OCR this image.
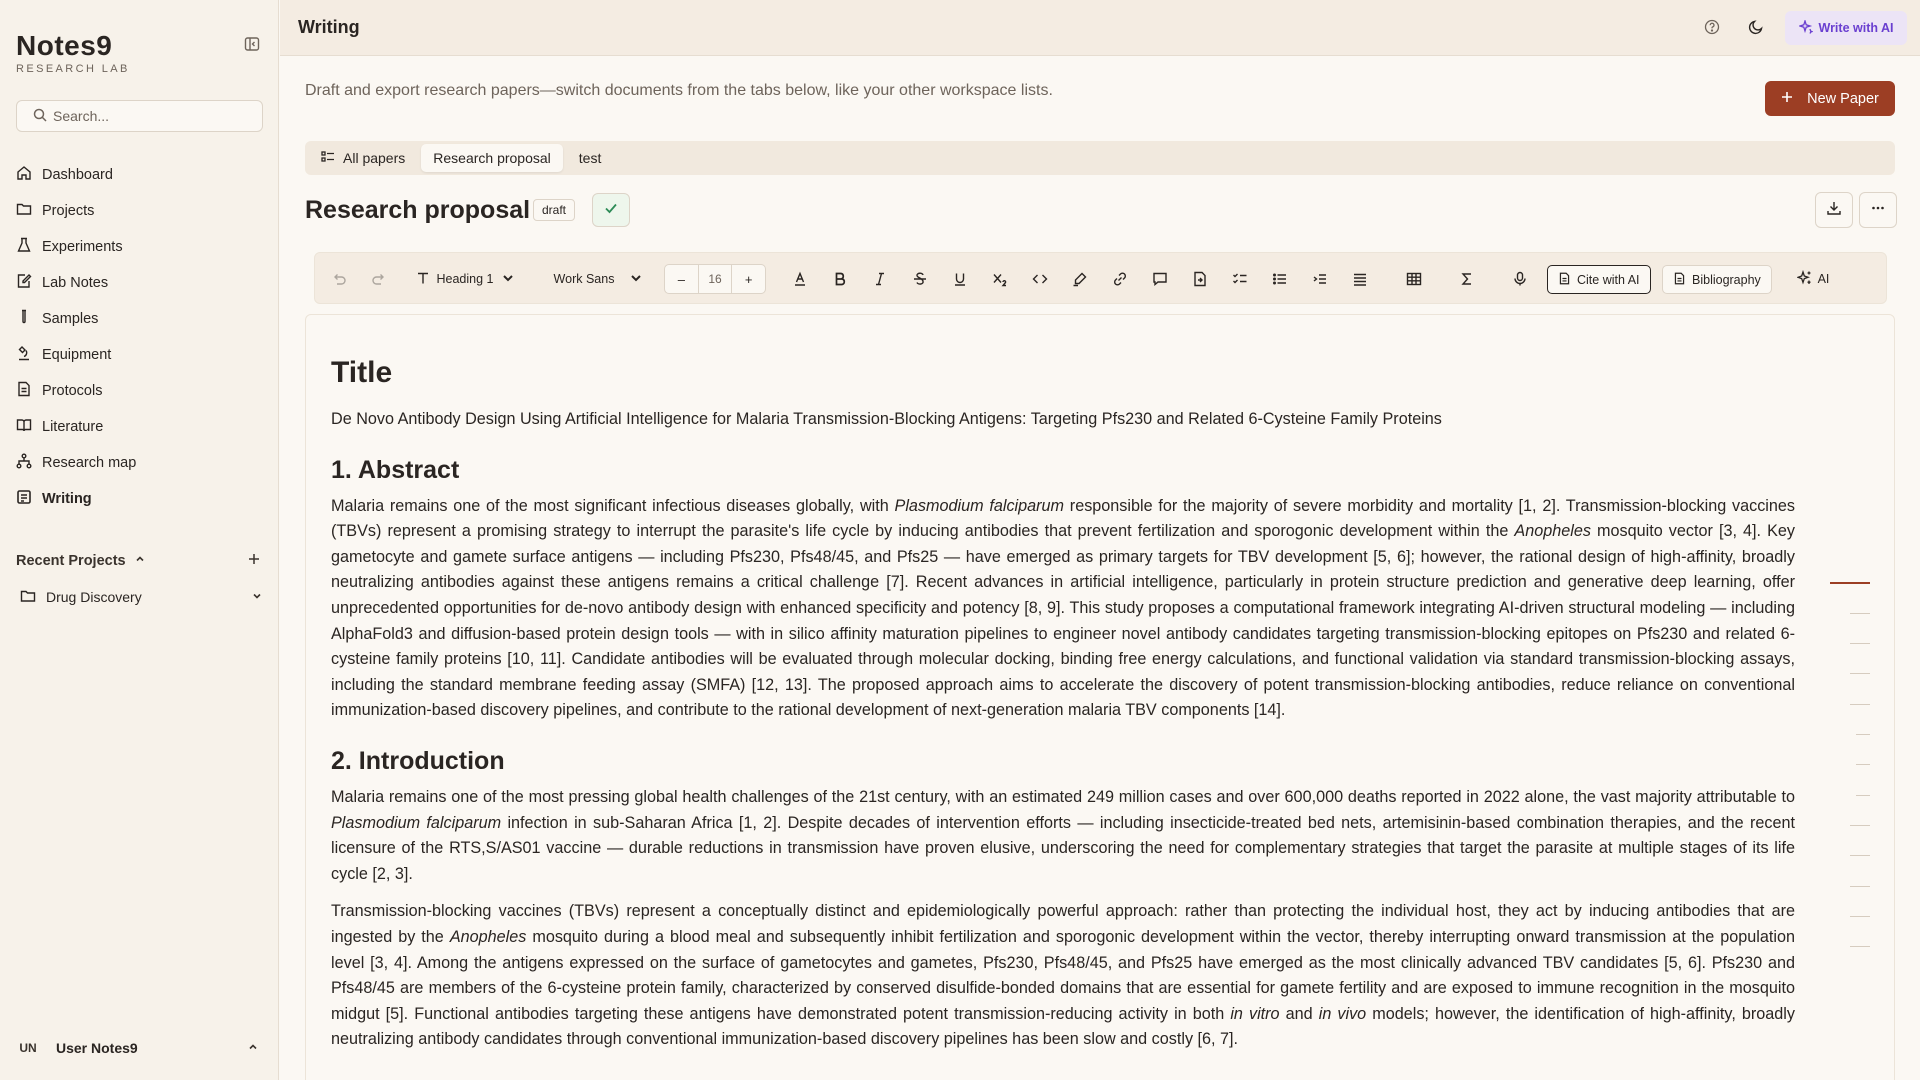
Notes9
RESEARCH LAB
Search...
Dashboard
Projects
Experiments
Lab Notes
Samples
Equipment
Protocols
Literature
Research map
Writing
Recent Projects
Drug Discovery
UN User Notes9
Writing	Write with AI
Draft and export research papers—switch documents from the tabs below, like your other workspace lists.	New Paper
All papers Research proposal test
Research proposal draft
Heading 1	Work Sans	–	16	+	Cite with AI	Bibliography	AI
Title

De Novo Antibody Design Using Artificial Intelligence for Malaria Transmission-Blocking Antigens: Targeting Pfs230 and Related 6-Cysteine Family Proteins

1. Abstract

Malaria remains one of the most significant infectious diseases globally, with Plasmodium falciparum responsible for the majority of severe morbidity and mortality [1, 2]. Transmission-blocking vaccines (TBVs) represent a promising strategy to interrupt the parasite's life cycle by inducing antibodies that prevent fertilization and sporogonic development within the Anopheles mosquito vector [3, 4]. Key gametocyte and gamete surface antigens — including Pfs230, Pfs48/45, and Pfs25 — have emerged as primary targets for TBV development [5, 6]; however, the rational design of high-affinity, broadly neutralizing antibodies against these antigens remains a critical challenge [7]. Recent advances in artificial intelligence, particularly in protein structure prediction and generative deep learning, offer unprecedented opportunities for de-novo antibody design with enhanced specificity and potency [8, 9]. This study proposes a computational framework integrating AI-driven structural modeling — including AlphaFold3 and diffusion-based protein design tools — with in silico affinity maturation pipelines to engineer novel antibody candidates targeting transmission-blocking epitopes on Pfs230 and related 6-cysteine family proteins [10, 11]. Candidate antibodies will be evaluated through molecular docking, binding free energy calculations, and functional validation via standard transmission-blocking assays, including the standard membrane feeding assay (SMFA) [12, 13]. The proposed approach aims to accelerate the discovery of potent transmission-blocking antibodies, reduce reliance on conventional immunization-based discovery pipelines, and contribute to the rational development of next-generation malaria TBV components [14].

2. Introduction

Malaria remains one of the most pressing global health challenges of the 21st century, with an estimated 249 million cases and over 600,000 deaths reported in 2022 alone, the vast majority attributable to Plasmodium falciparum infection in sub-Saharan Africa [1, 2]. Despite decades of intervention efforts — including insecticide-treated bed nets, artemisinin-based combination therapies, and the recent licensure of the RTS,S/AS01 vaccine — durable reductions in transmission have proven elusive, underscoring the need for complementary strategies that target the parasite at multiple stages of its life cycle [2, 3].

Transmission-blocking vaccines (TBVs) represent a conceptually distinct and epidemiologically powerful approach: rather than protecting the individual host, they act by inducing antibodies that are ingested by the Anopheles mosquito during a blood meal and subsequently inhibit fertilization and sporogonic development within the vector, thereby interrupting onward transmission at the population level [3, 4]. Among the antigens expressed on the surface of gametocytes and gametes, Pfs230, Pfs48/45, and Pfs25 have emerged as the most clinically advanced TBV candidates [5, 6]. Pfs230 and Pfs48/45 are members of the 6-cysteine protein family, characterized by conserved disulfide-bonded domains that are essential for gamete fertility and are exposed to immune recognition in the mosquito midgut [5]. Functional antibodies targeting these antigens have demonstrated potent transmission-reducing activity in both in vitro and in vivo models; however, the identification of high-affinity, broadly neutralizing antibody candidates through conventional immunization-based discovery pipelines has been slow and costly [6, 7].
